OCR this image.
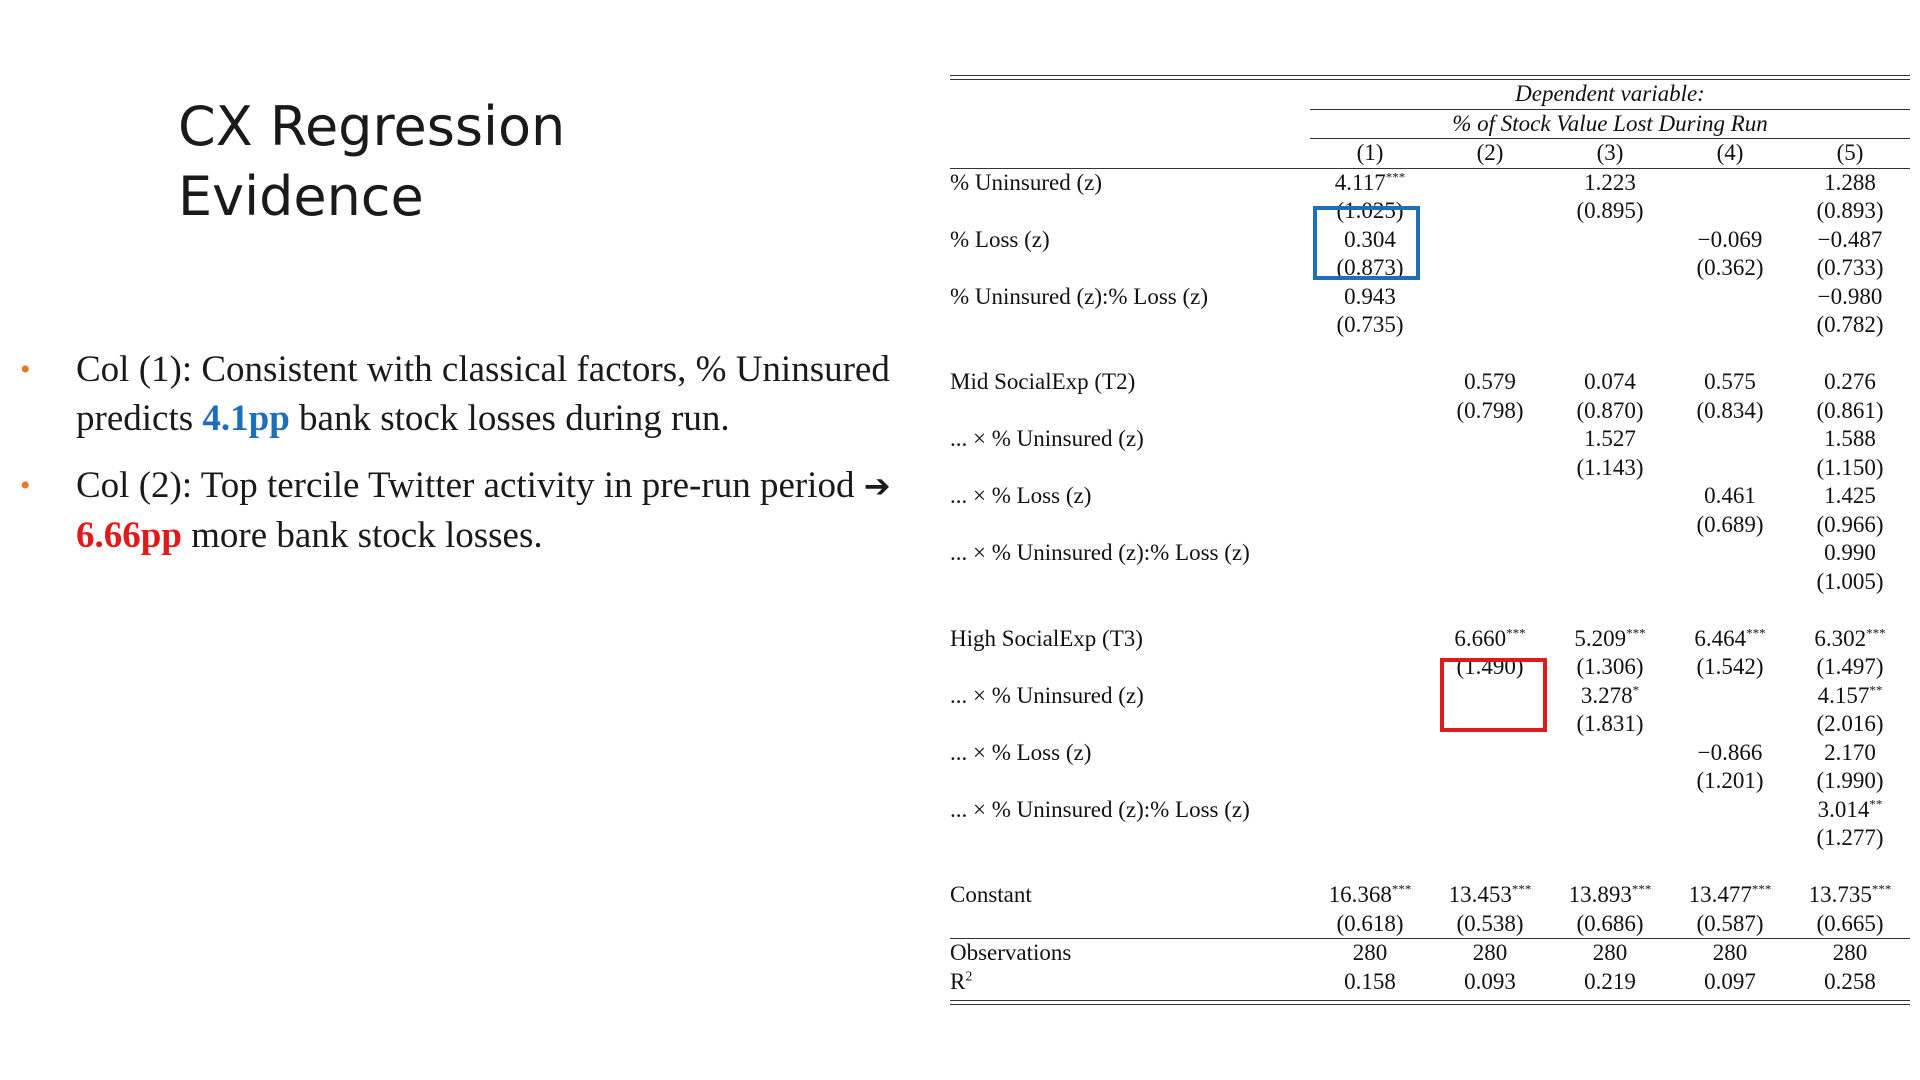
CX Regression
Evidence
• Col (1): Consistent with classical factors, % Uninsured predicts 4.1pp bank stock losses during run.
• Col (2): Top tercile Twitter activity in pre-run period ➔ 6.66pp more bank stock losses.
	Dependent variable:				
	% of Stock Value Lost During Run				
	(1)	(2)	(3)	(4)	(5)
% Uninsured (z)	4.117***		1.223		1.288
	(1.025)		(0.895)		(0.893)
% Loss (z)	0.304			−0.069	−0.487
	(0.873)			(0.362)	(0.733)
% Uninsured (z):% Loss (z)	0.943				−0.980
	(0.735)				(0.782)

Mid SocialExp (T2)		0.579	0.074	0.575	0.276
		(0.798)	(0.870)	(0.834)	(0.861)
... × % Uninsured (z)			1.527		1.588
			(1.143)		(1.150)
... × % Loss (z)				0.461	1.425
				(0.689)	(0.966)
... × % Uninsured (z):% Loss (z)					0.990
					(1.005)

High SocialExp (T3)		6.660***	5.209***	6.464***	6.302***
		(1.490)	(1.306)	(1.542)	(1.497)
... × % Uninsured (z)			3.278*		4.157**
			(1.831)		(2.016)
... × % Loss (z)				−0.866	2.170
				(1.201)	(1.990)
... × % Uninsured (z):% Loss (z)					3.014**
					(1.277)

Constant	16.368***	13.453***	13.893***	13.477***	13.735***
	(0.618)	(0.538)	(0.686)	(0.587)	(0.665)
Observations	280	280	280	280	280
$R^2$	0.158	0.093	0.219	0.097	0.258
